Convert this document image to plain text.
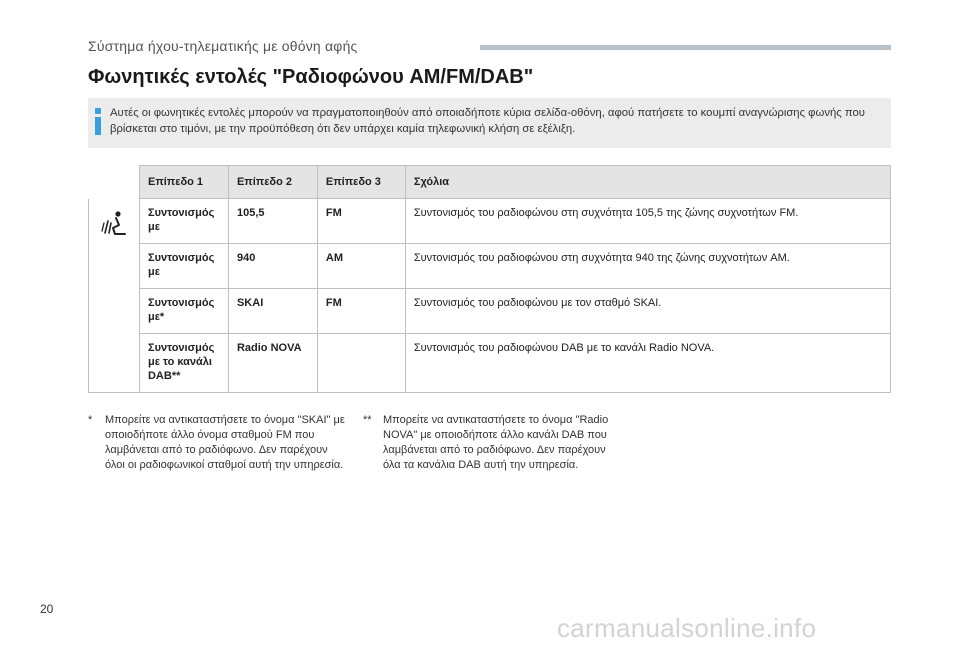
Σύστημα ήχου-τηλεματικής με οθόνη αφής
Φωνητικές εντολές "Ραδιοφώνου AM/FM/DAB"
Αυτές οι φωνητικές εντολές μπορούν να πραγματοποιηθούν από οποιαδήποτε κύρια σελίδα-οθόνη, αφού πατήσετε το κουμπί αναγνώρισης φωνής που βρίσκεται στο τιμόνι, με την προϋπόθεση ότι δεν υπάρχει καμία τηλεφωνική κλήση σε εξέλιξη.
	Επίπεδο 1	Επίπεδο 2	Επίπεδο 3	Σχόλια
	Συντονισμός με	105,5	FM	Συντονισμός του ραδιοφώνου στη συχνότητα 105,5 της ζώνης συχνοτήτων FM.
	Συντονισμός με	940	AM	Συντονισμός του ραδιοφώνου στη συχνότητα 940 της ζώνης συχνοτήτων AM.
	Συντονισμός με*	SKAI	FM	Συντονισμός του ραδιοφώνου με τον σταθμό SKAI.
	Συντονισμός με το κανάλι DAB**	Radio NOVA		Συντονισμός του ραδιοφώνου DAB με το κανάλι Radio NOVA.
* Μπορείτε να αντικαταστήσετε το όνομα "SKAI" με οποιοδήποτε άλλο όνομα σταθμού FM που λαμβάνεται από το ραδιόφωνο. Δεν παρέχουν όλοι οι ραδιοφωνικοί σταθμοί αυτή την υπηρεσία.
** Μπορείτε να αντικαταστήσετε το όνομα "Radio NOVA" με οποιοδήποτε άλλο κανάλι DAB που λαμβάνεται από το ραδιόφωνο. Δεν παρέχουν όλα τα κανάλια DAB αυτή την υπηρεσία.
20
carmanualsonline.info
